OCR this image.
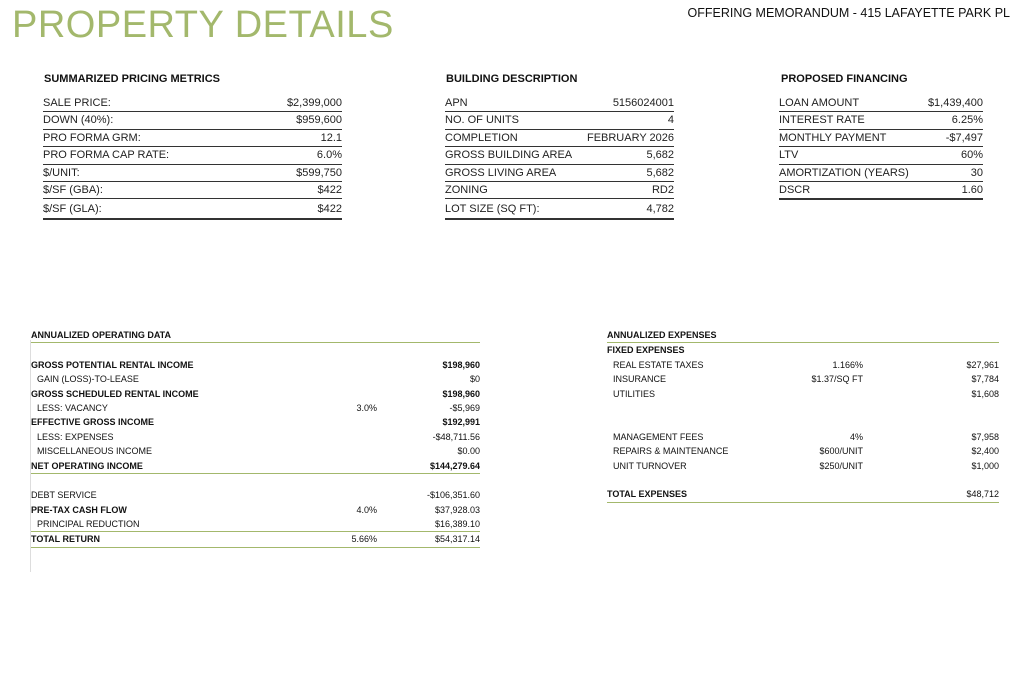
PROPERTY DETAILS	OFFERING MEMORANDUM - 415 LAFAYETTE PARK PL
SUMMARIZED PRICING METRICS
SALE PRICE:	$2,399,000
DOWN (40%):	$959,600
PRO FORMA GRM:	12.1
PRO FORMA CAP RATE:	6.0%
$/UNIT:	$599,750
$/SF (GBA):	$422
$/SF (GLA):	$422
BUILDING DESCRIPTION
APN	5156024001
NO. OF UNITS	4
COMPLETION	FEBRUARY 2026
GROSS BUILDING AREA	5,682
GROSS LIVING AREA	5,682
ZONING	RD2
LOT SIZE (SQ FT):	4,782
PROPOSED FINANCING
LOAN AMOUNT	$1,439,400
INTEREST RATE	6.25%
MONTHLY PAYMENT	-$7,497
LTV	60%
AMORTIZATION (YEARS)	30
DSCR	1.60
ANNUALIZED OPERATING DATA
GROSS POTENTIAL RENTAL INCOME	$198,960
GAIN (LOSS)-TO-LEASE	$0
GROSS SCHEDULED RENTAL INCOME	$198,960
LESS: VACANCY	3.0%	-$5,969
EFFECTIVE GROSS INCOME	$192,991
LESS: EXPENSES	-$48,711.56
MISCELLANEOUS INCOME	$0.00
NET OPERATING INCOME	$144,279.64
DEBT SERVICE	-$106,351.60
PRE-TAX CASH FLOW	4.0%	$37,928.03
PRINCIPAL REDUCTION	$16,389.10
TOTAL RETURN	5.66%	$54,317.14
ANNUALIZED EXPENSES
FIXED EXPENSES
REAL ESTATE TAXES	1.166%	$27,961
INSURANCE	$1.37/SQ FT	$7,784
UTILITIES	$1,608
MANAGEMENT FEES	4%	$7,958
REPAIRS & MAINTENANCE	$600/UNIT	$2,400
UNIT TURNOVER	$250/UNIT	$1,000
TOTAL EXPENSES	$48,712
